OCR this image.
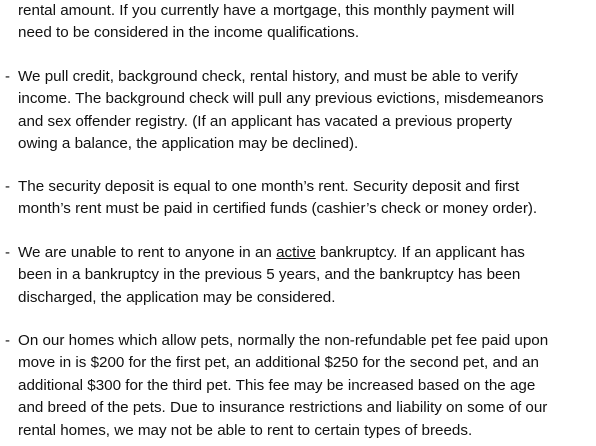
rental amount. If you currently have a mortgage, this monthly payment will
need to be considered in the income qualifications.
- We pull credit, background check, rental history, and must be able to verify
income. The background check will pull any previous evictions, misdemeanors
and sex offender registry. (If an applicant has vacated a previous property
owing a balance, the application may be declined).
- The security deposit is equal to one month’s rent. Security deposit and first
month’s rent must be paid in certified funds (cashier’s check or money order).
- We are unable to rent to anyone in an active bankruptcy. If an applicant has
been in a bankruptcy in the previous 5 years, and the bankruptcy has been
discharged, the application may be considered.
- On our homes which allow pets, normally the non-refundable pet fee paid upon
move in is $200 for the first pet, an additional $250 for the second pet, and an
additional $300 for the third pet. This fee may be increased based on the age
and breed of the pets. Due to insurance restrictions and liability on some of our
rental homes, we may not be able to rent to certain types of breeds.
